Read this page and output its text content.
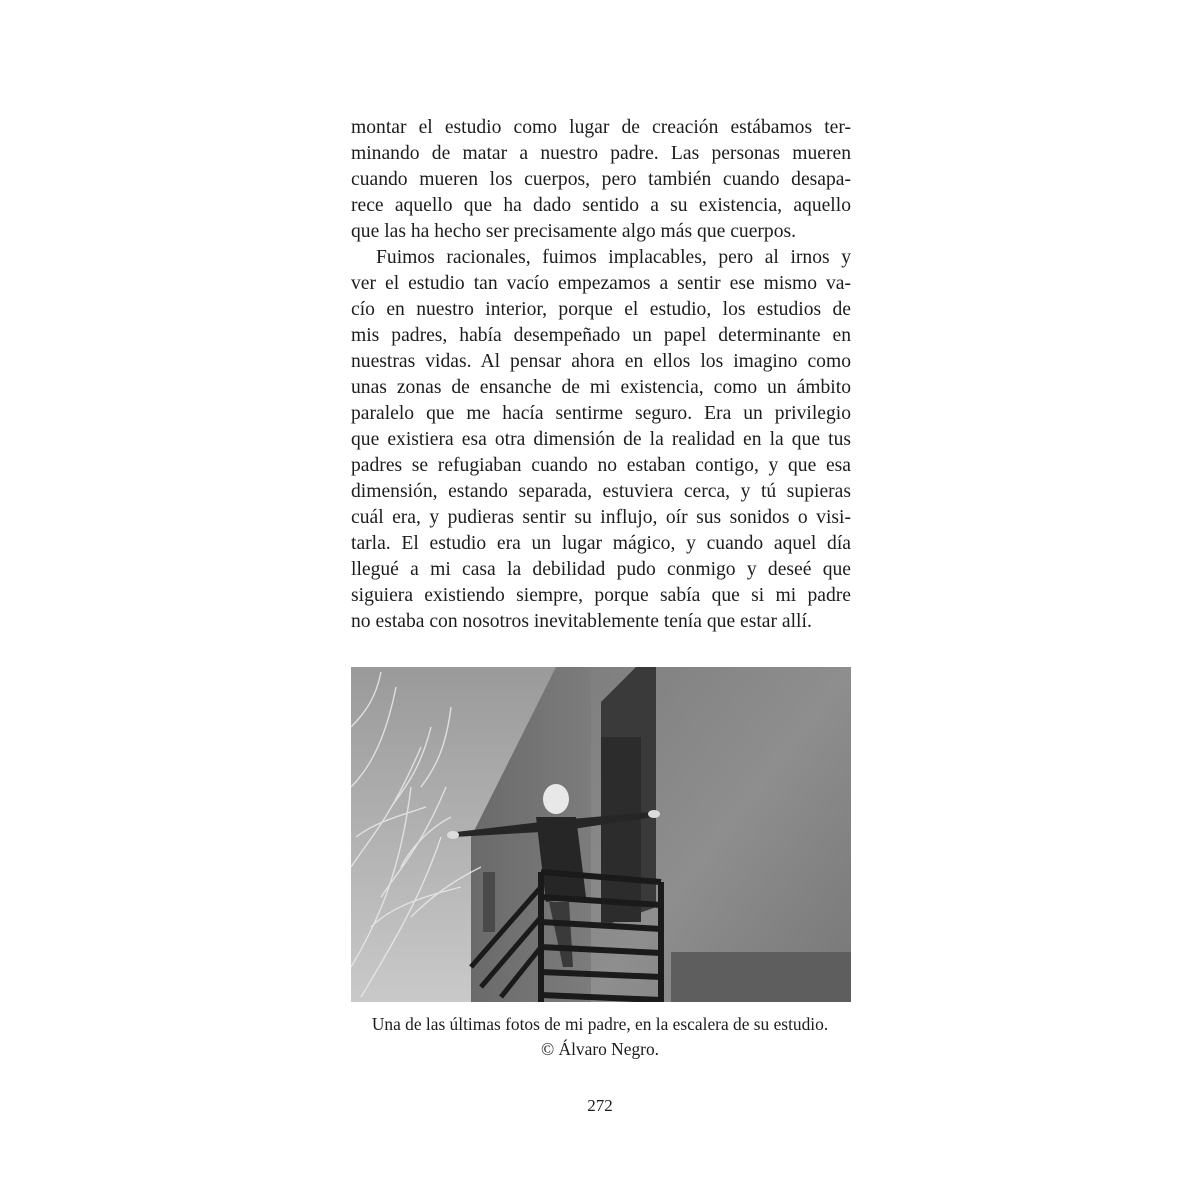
montar el estudio como lugar de creación estábamos ter-
minando de matar a nuestro padre. Las personas mueren
cuando mueren los cuerpos, pero también cuando desapa-
rece aquello que ha dado sentido a su existencia, aquello
que las ha hecho ser precisamente algo más que cuerpos.

Fuimos racionales, fuimos implacables, pero al irnos y
ver el estudio tan vacío empezamos a sentir ese mismo va-
cío en nuestro interior, porque el estudio, los estudios de
mis padres, había desempeñado un papel determinante en
nuestras vidas. Al pensar ahora en ellos los imagino como
unas zonas de ensanche de mi existencia, como un ámbito
paralelo que me hacía sentirme seguro. Era un privilegio
que existiera esa otra dimensión de la realidad en la que tus
padres se refugiaban cuando no estaban contigo, y que esa
dimensión, estando separada, estuviera cerca, y tú supieras
cuál era, y pudieras sentir su influjo, oír sus sonidos o visi-
tarla. El estudio era un lugar mágico, y cuando aquel día
llegué a mi casa la debilidad pudo conmigo y deseé que
siguiera existiendo siempre, porque sabía que si mi padre
no estaba con nosotros inevitablemente tenía que estar allí.

Una de las últimas fotos de mi padre, en la escalera de su estudio.
© Álvaro Negro.
272
